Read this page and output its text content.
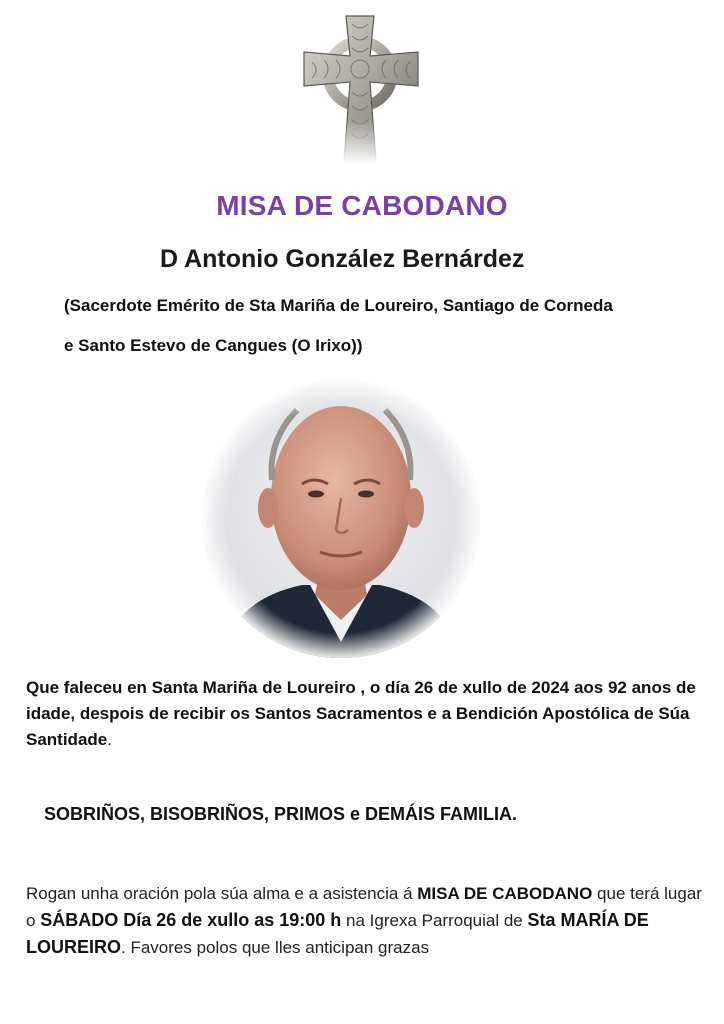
MISA DE CABODANO
D Antonio González Bernárdez
(Sacerdote Emérito de Sta Mariña de Loureiro, Santiago de Corneda
e Santo Estevo de Cangues (O Irixo))
Que faleceu en Santa Mariña de Loureiro , o día 26 de xullo de 2024 aos 92 anos de idade, despois de recibir os Santos Sacramentos e a Bendición Apostólica de Súa Santidade.
SOBRIÑOS, BISOBRIÑOS, PRIMOS e DEMÁIS FAMILIA.
Rogan unha oración pola súa alma e a asistencia á MISA DE CABODANO que terá lugar o SÁBADO Día 26 de xullo as 19:00 h na Igrexa Parroquial de Sta MARÍA DE LOUREIRO. Favores polos que lles anticipan grazas
